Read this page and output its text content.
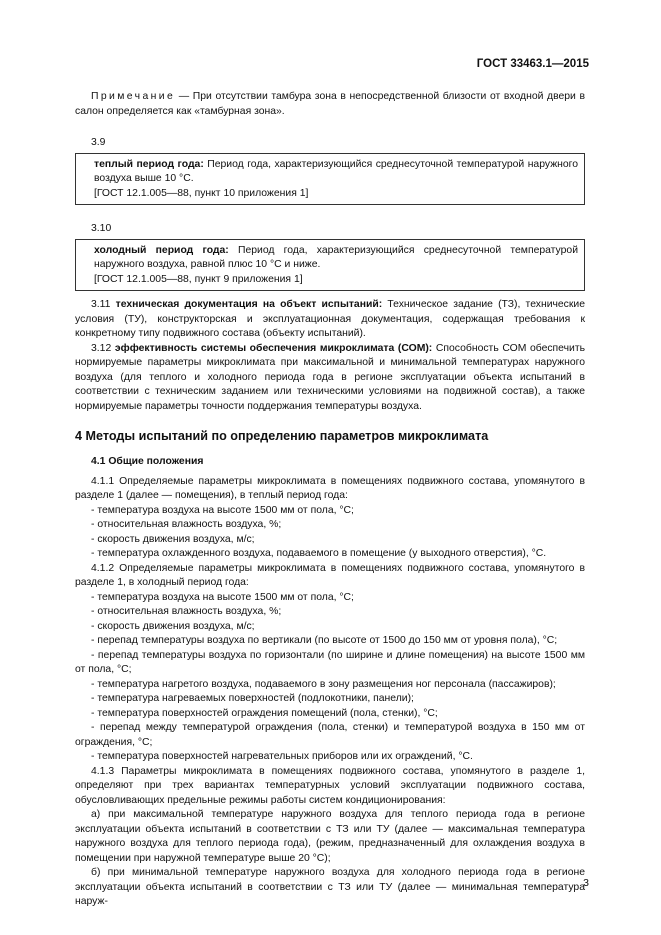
ГОСТ 33463.1—2015

Примечание — При отсутствии тамбура зона в непосредственной близости от входной двери в салон определяется как «тамбурная зона».

3.9

теплый период года: Период года, характеризующийся среднесуточной температурой наружного воздуха выше 10 °С.

[ГОСТ 12.1.005—88, пункт 10 приложения 1]

3.10

холодный период года: Период года, характеризующийся среднесуточной температурой наружного воздуха, равной плюс 10 °С и ниже.

[ГОСТ 12.1.005—88, пункт 9 приложения 1]

3.11 техническая документация на объект испытаний: Техническое задание (ТЗ), технические условия (ТУ), конструкторская и эксплуатационная документация, содержащая требования к конкретному типу подвижного состава (объекту испытаний).

3.12 эффективность системы обеспечения микроклимата (СОМ): Способность СОМ обеспечить нормируемые параметры микроклимата при максимальной и минимальной температурах наружного воздуха (для теплого и холодного периода года в регионе эксплуатации объекта испытаний в соответствии с техническим заданием или техническими условиями на подвижной состав), а также нормируемые параметры точности поддержания температуры воздуха.

4 Методы испытаний по определению параметров микроклимата

4.1 Общие положения

4.1.1 Определяемые параметры микроклимата в помещениях подвижного состава, упомянутого в разделе 1 (далее — помещения), в теплый период года:

- температура воздуха на высоте 1500 мм от пола, °С;

- относительная влажность воздуха, %;

- скорость движения воздуха, м/с;

- температура охлажденного воздуха, подаваемого в помещение (у выходного отверстия), °С.

4.1.2 Определяемые параметры микроклимата в помещениях подвижного состава, упомянутого в разделе 1, в холодный период года:

- температура воздуха на высоте 1500 мм от пола, °С;

- относительная влажность воздуха, %;

- скорость движения воздуха, м/с;

- перепад температуры воздуха по вертикали (по высоте от 1500 до 150 мм от уровня пола), °С;

- перепад температуры воздуха по горизонтали (по ширине и длине помещения) на высоте 1500 мм от пола, °С;

- температура нагретого воздуха, подаваемого в зону размещения ног персонала (пассажиров);

- температура нагреваемых поверхностей (подлокотники, панели);

- температура поверхностей ограждения помещений (пола, стенки), °С;

- перепад между температурой ограждения (пола, стенки) и температурой воздуха в 150 мм от ограждения, °С;

- температура поверхностей нагревательных приборов или их ограждений, °С.

4.1.3 Параметры микроклимата в помещениях подвижного состава, упомянутого в разделе 1, определяют при трех вариантах температурных условий эксплуатации подвижного состава, обусловливающих предельные режимы работы систем кондиционирования:

а) при максимальной температуре наружного воздуха для теплого периода года в регионе эксплуатации объекта испытаний в соответствии с ТЗ или ТУ (далее — максимальная температура наружного воздуха для теплого периода года), (режим, предназначенный для охлаждения воздуха в помещении при наружной температуре выше 20 °С);

б) при минимальной температуре наружного воздуха для холодного периода года в регионе эксплуатации объекта испытаний в соответствии с ТЗ или ТУ (далее — минимальная температура наруж-

3
